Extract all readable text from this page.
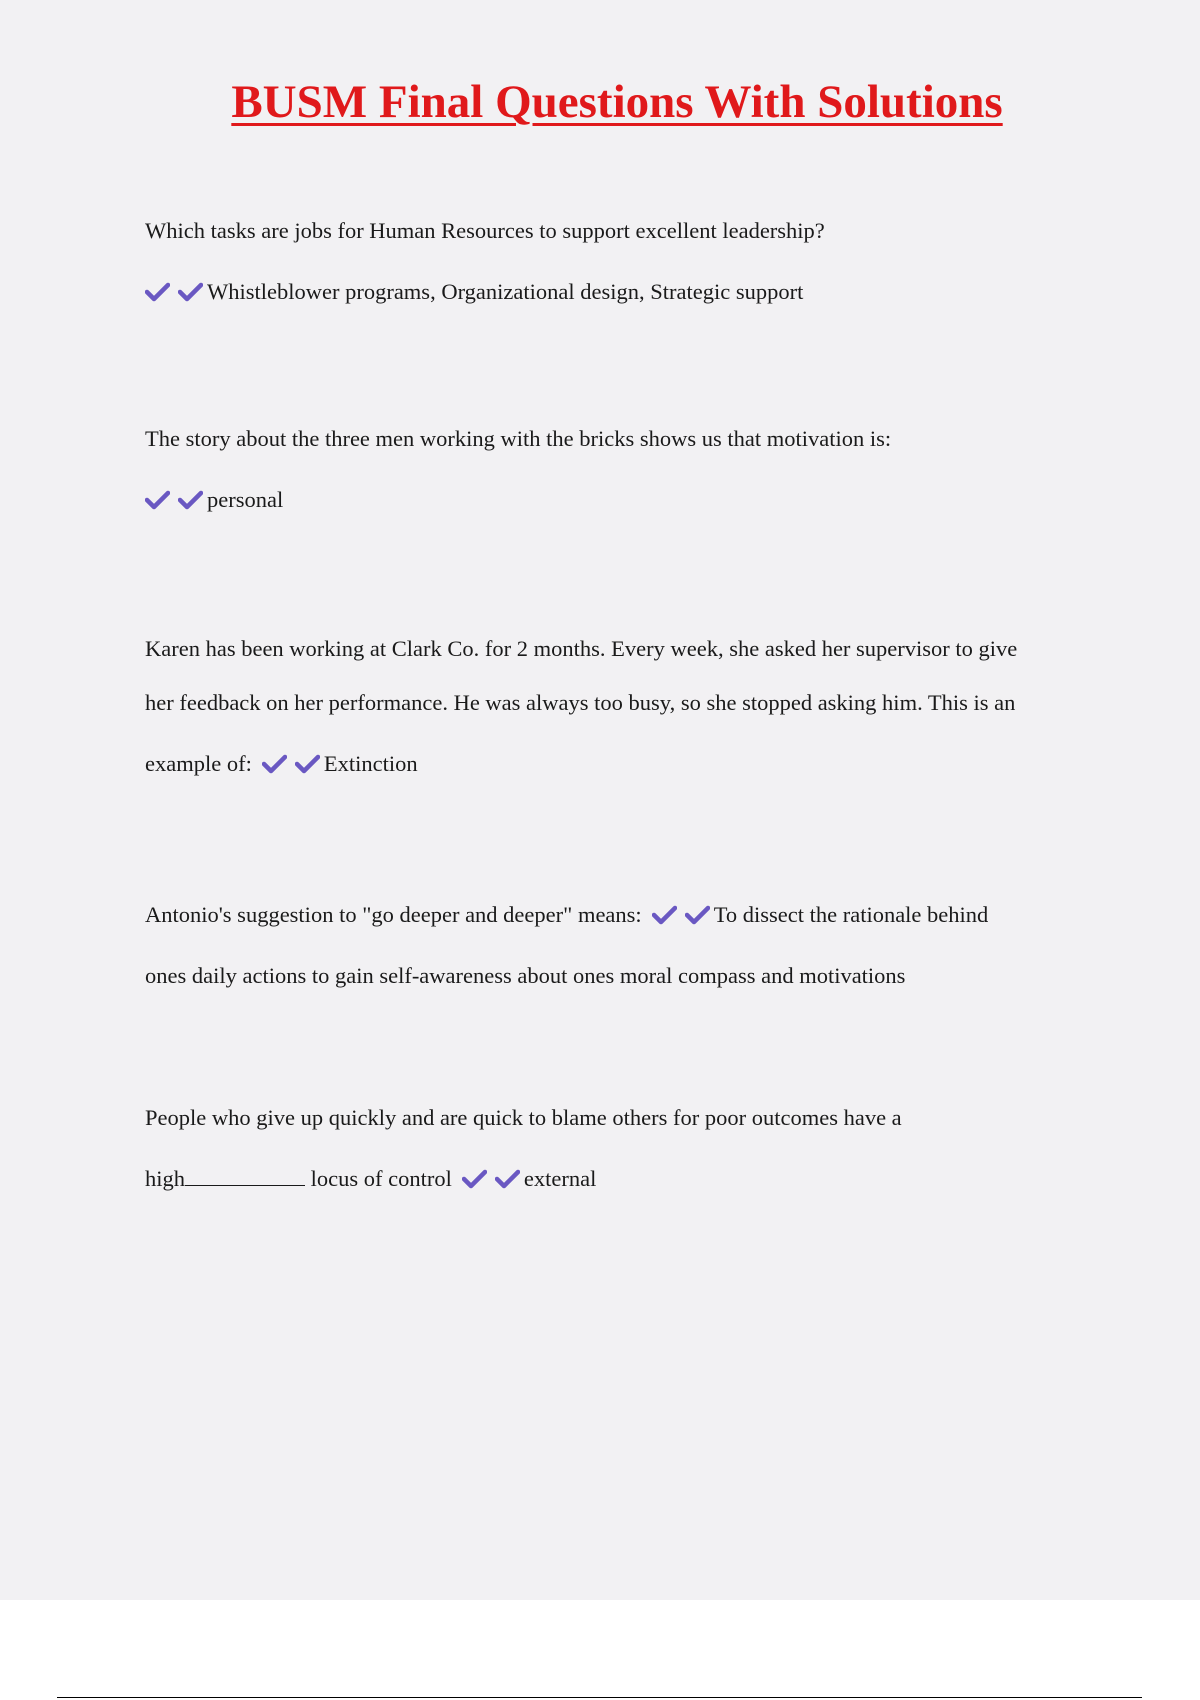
BUSM Final Questions With Solutions
Which tasks are jobs for Human Resources to support excellent leadership?
Whistleblower programs, Organizational design, Strategic support
The story about the three men working with the bricks shows us that motivation is:
personal
Karen has been working at Clark Co. for 2 months. Every week, she asked her supervisor to give
her feedback on her performance. He was always too busy, so she stopped asking him. This is an
example of:	Extinction
Antonio's suggestion to "go deeper and deeper" means:	To dissect the rationale behind
ones daily actions to gain self-awareness about ones moral compass and motivations
People who give up quickly and are quick to blame others for poor outcomes have a
high	locus of control	external
